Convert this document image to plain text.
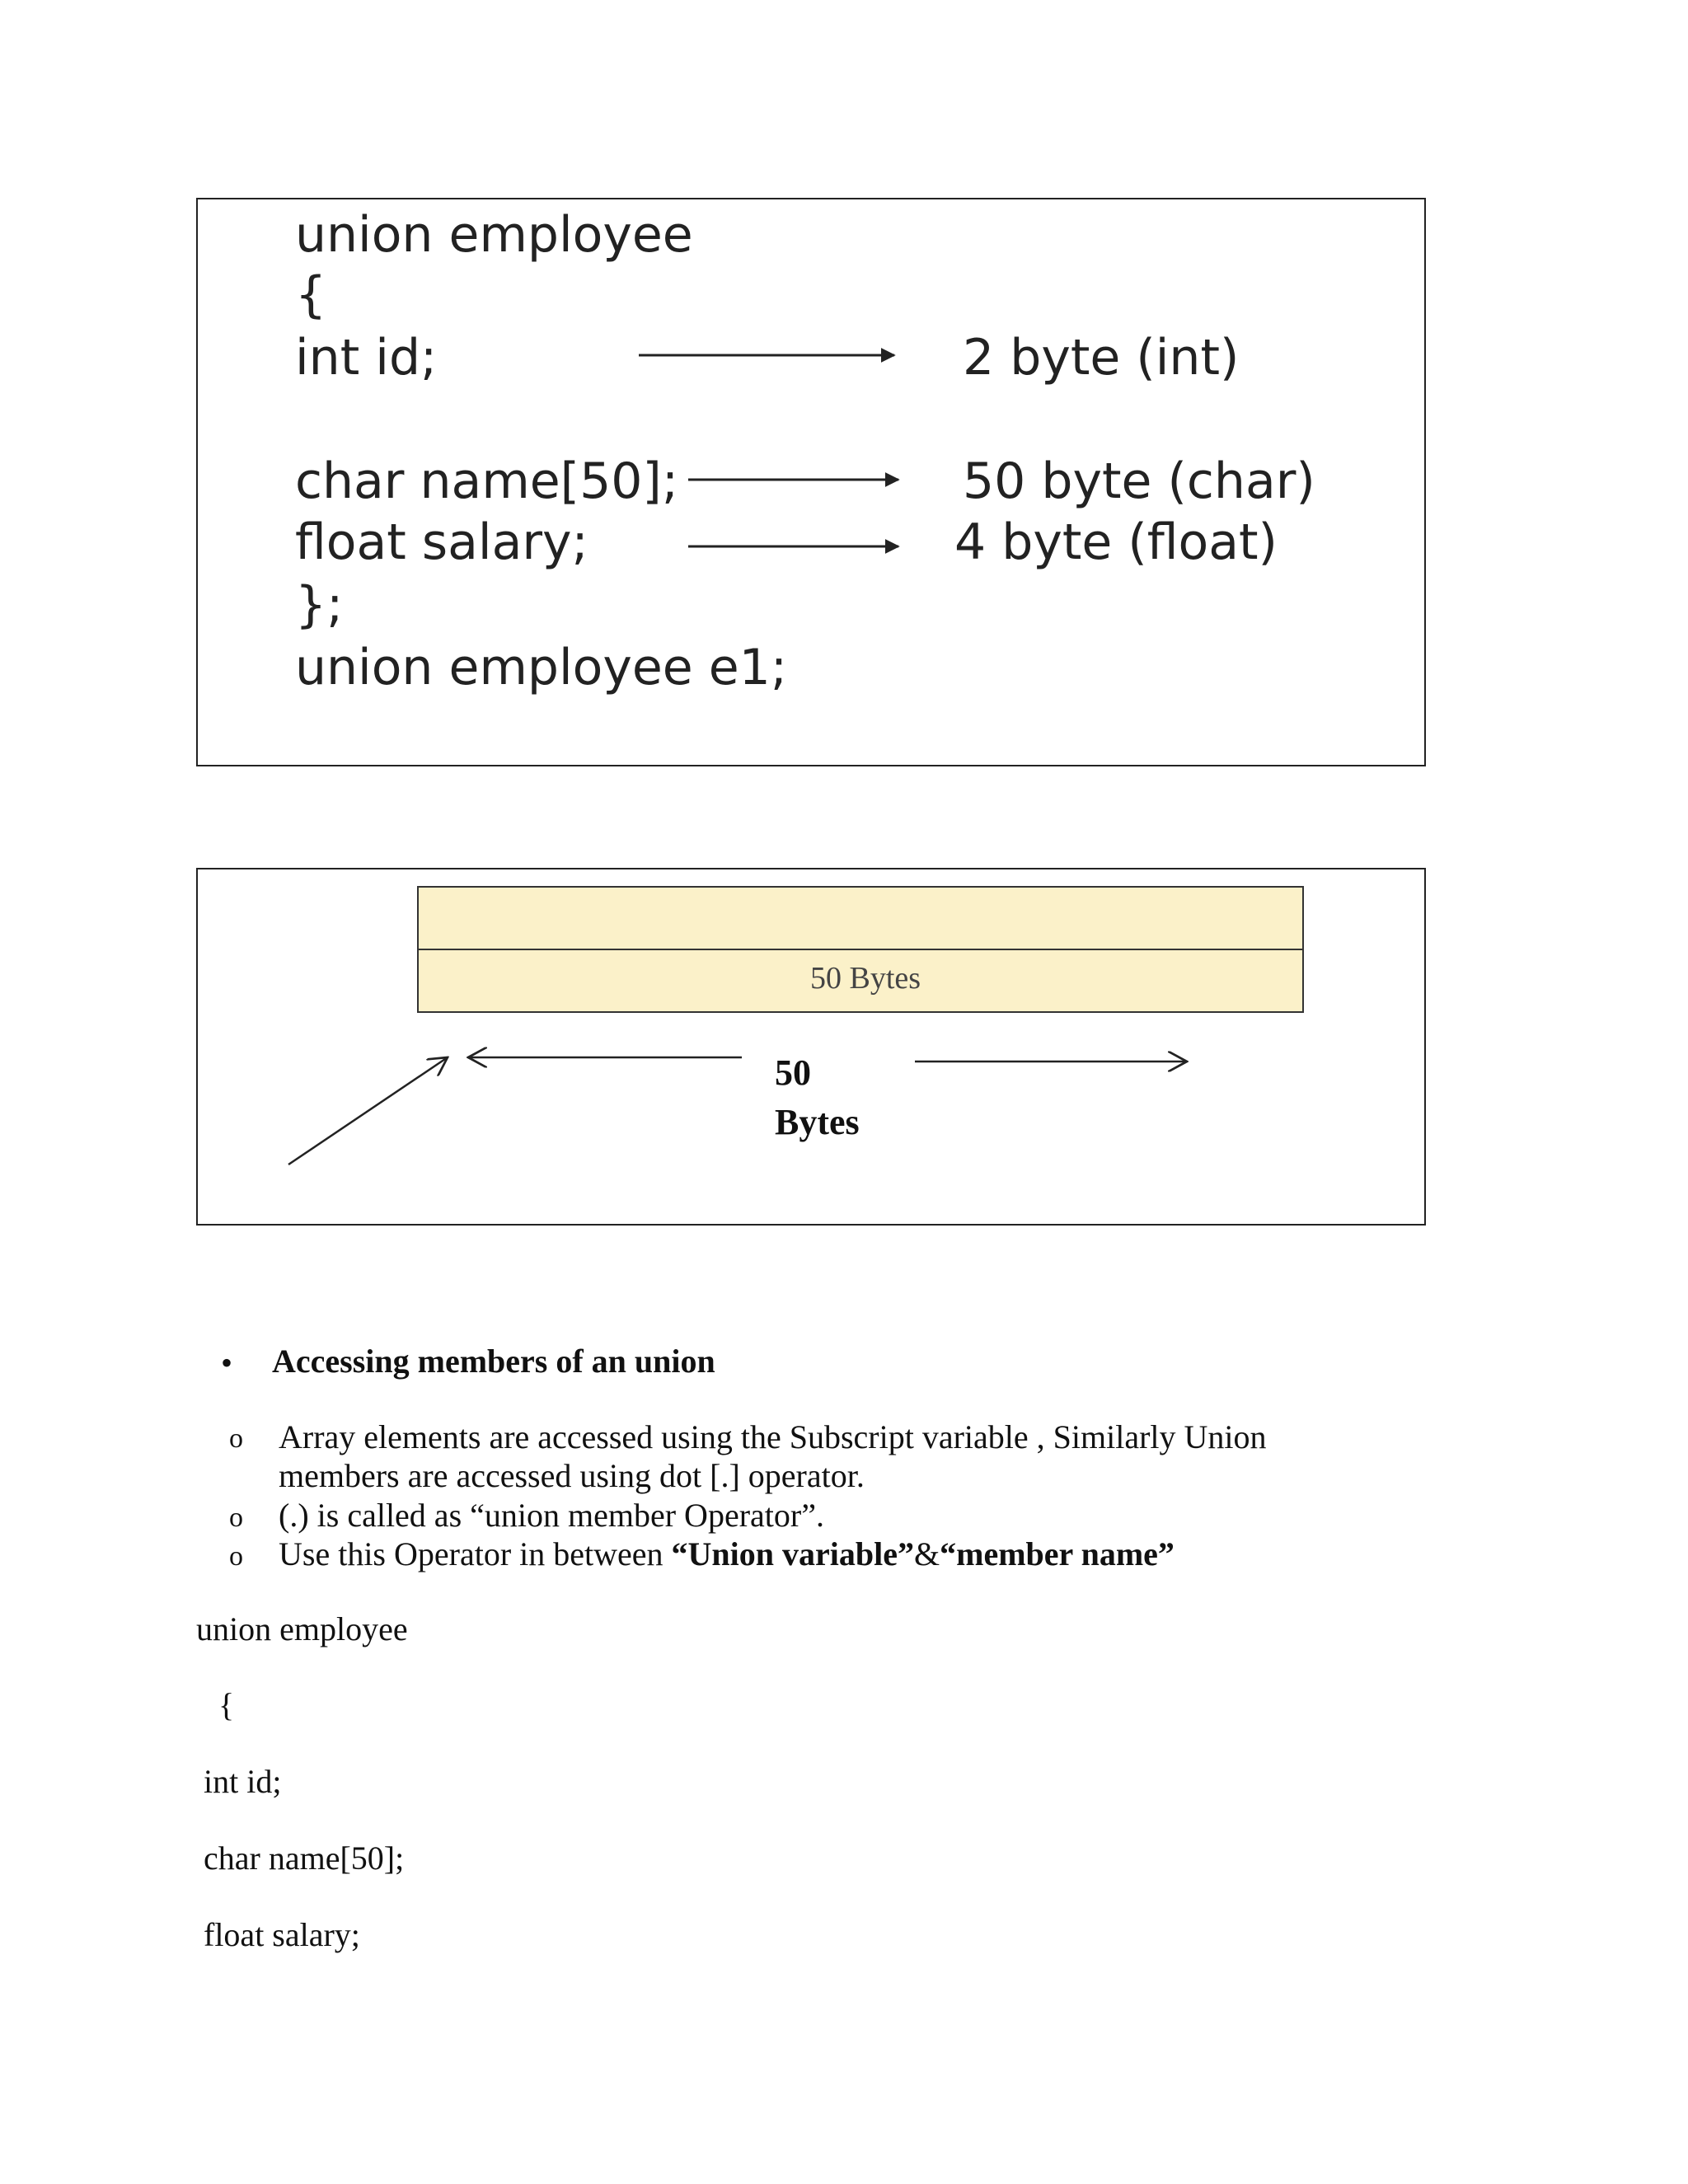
union employee
{
int id;
char name[50];
float salary;
};
union employee e1;
2 byte (int)
50 byte (char)
4 byte (float)
50 Bytes
50
Bytes
• Accessing members of an union
o Array elements are accessed using the Subscript variable , Similarly Union
members are accessed using dot [.] operator.
o (.) is called as “union member Operator”.
o Use this Operator in between “Union variable”&“member name”
union employee
{
int id;
char name[50];
float salary;
